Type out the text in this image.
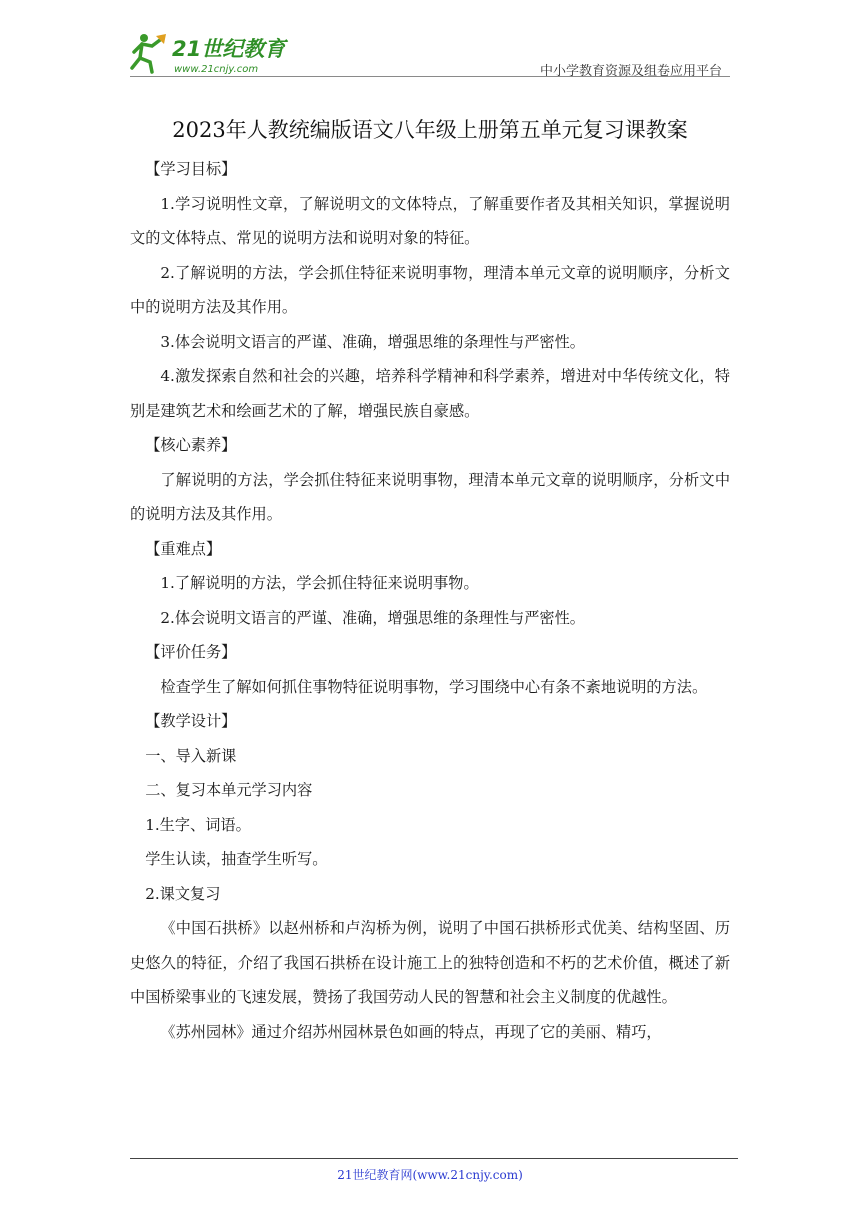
21世纪教育
www.21cnjy.com	中小学教育资源及组卷应用平台
2023年人教统编版语文八年级上册第五单元复习课教案

【学习目标】

1.学习说明性文章，了解说明文的文体特点，了解重要作者及其相关知识，掌握说明文的文体特点、常见的说明方法和说明对象的特征。

2.了解说明的方法，学会抓住特征来说明事物，理清本单元文章的说明顺序，分析文中的说明方法及其作用。

3.体会说明文语言的严谨、准确，增强思维的条理性与严密性。

4.激发探索自然和社会的兴趣，培养科学精神和科学素养，增进对中华传统文化，特别是建筑艺术和绘画艺术的了解，增强民族自豪感。

【核心素养】

了解说明的方法，学会抓住特征来说明事物，理清本单元文章的说明顺序，分析文中的说明方法及其作用。

【重难点】

1.了解说明的方法，学会抓住特征来说明事物。

2.体会说明文语言的严谨、准确，增强思维的条理性与严密性。

【评价任务】

检查学生了解如何抓住事物特征说明事物，学习围绕中心有条不紊地说明的方法。

【教学设计】

一、导入新课

二、复习本单元学习内容

1.生字、词语。

学生认读，抽查学生听写。

2.课文复习

《中国石拱桥》以赵州桥和卢沟桥为例，说明了中国石拱桥形式优美、结构坚固、历史悠久的特征，介绍了我国石拱桥在设计施工上的独特创造和不朽的艺术价值，概述了新中国桥梁事业的飞速发展，赞扬了我国劳动人民的智慧和社会主义制度的优越性。

《苏州园林》通过介绍苏州园林景色如画的特点，再现了它的美丽、精巧，

21世纪教育网(www.21cnjy.com)
